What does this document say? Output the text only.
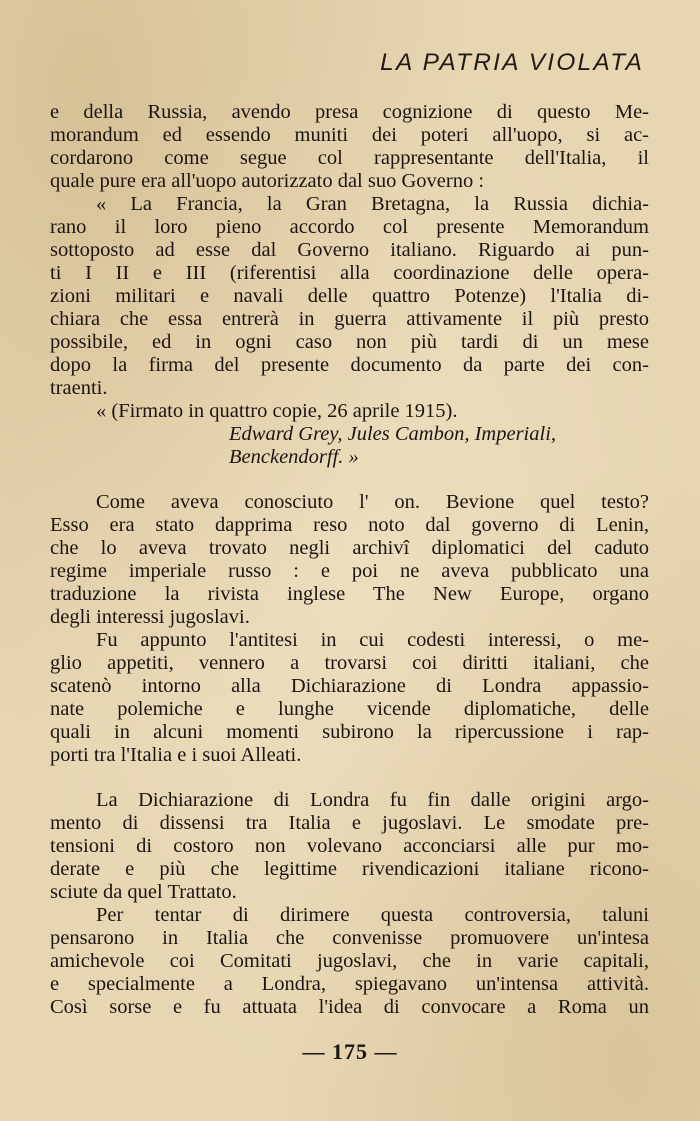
LA PATRIA VIOLATA
e della Russia, avendo presa cognizione di questo Me-
morandum ed essendo muniti dei poteri all'uopo, si ac-
cordarono come segue col rappresentante dell'Italia, il
quale pure era all'uopo autorizzato dal suo Governo :
« La Francia, la Gran Bretagna, la Russia dichia-
rano il loro pieno accordo col presente Memorandum
sottoposto ad esse dal Governo italiano. Riguardo ai pun-
ti I II e III (riferentisi alla coordinazione delle opera-
zioni militari e navali delle quattro Potenze) l'Italia di-
chiara che essa entrerà in guerra attivamente il più presto
possibile, ed in ogni caso non più tardi di un mese
dopo la firma del presente documento da parte dei con-
traenti.
« (Firmato in quattro copie, 26 aprile 1915).
Edward Grey, Jules Cambon, Imperiali,
Benckendorff. »
Come aveva conosciuto l' on. Bevione quel testo?
Esso era stato dapprima reso noto dal governo di Lenin,
che lo aveva trovato negli archivî diplomatici del caduto
regime imperiale russo : e poi ne aveva pubblicato una
traduzione la rivista inglese The New Europe, organo
degli interessi jugoslavi.
Fu appunto l'antitesi in cui codesti interessi, o me-
glio appetiti, vennero a trovarsi coi diritti italiani, che
scatenò intorno alla Dichiarazione di Londra appassio-
nate polemiche e lunghe vicende diplomatiche, delle
quali in alcuni momenti subirono la ripercussione i rap-
porti tra l'Italia e i suoi Alleati.
La Dichiarazione di Londra fu fin dalle origini argo-
mento di dissensi tra Italia e jugoslavi. Le smodate pre-
tensioni di costoro non volevano acconciarsi alle pur mo-
derate e più che legittime rivendicazioni italiane ricono-
sciute da quel Trattato.
Per tentar di dirimere questa controversia, taluni
pensarono in Italia che convenisse promuovere un'intesa
amichevole coi Comitati jugoslavi, che in varie capitali,
e specialmente a Londra, spiegavano un'intensa attività.
Così sorse e fu attuata l'idea di convocare a Roma un
— 175 —
